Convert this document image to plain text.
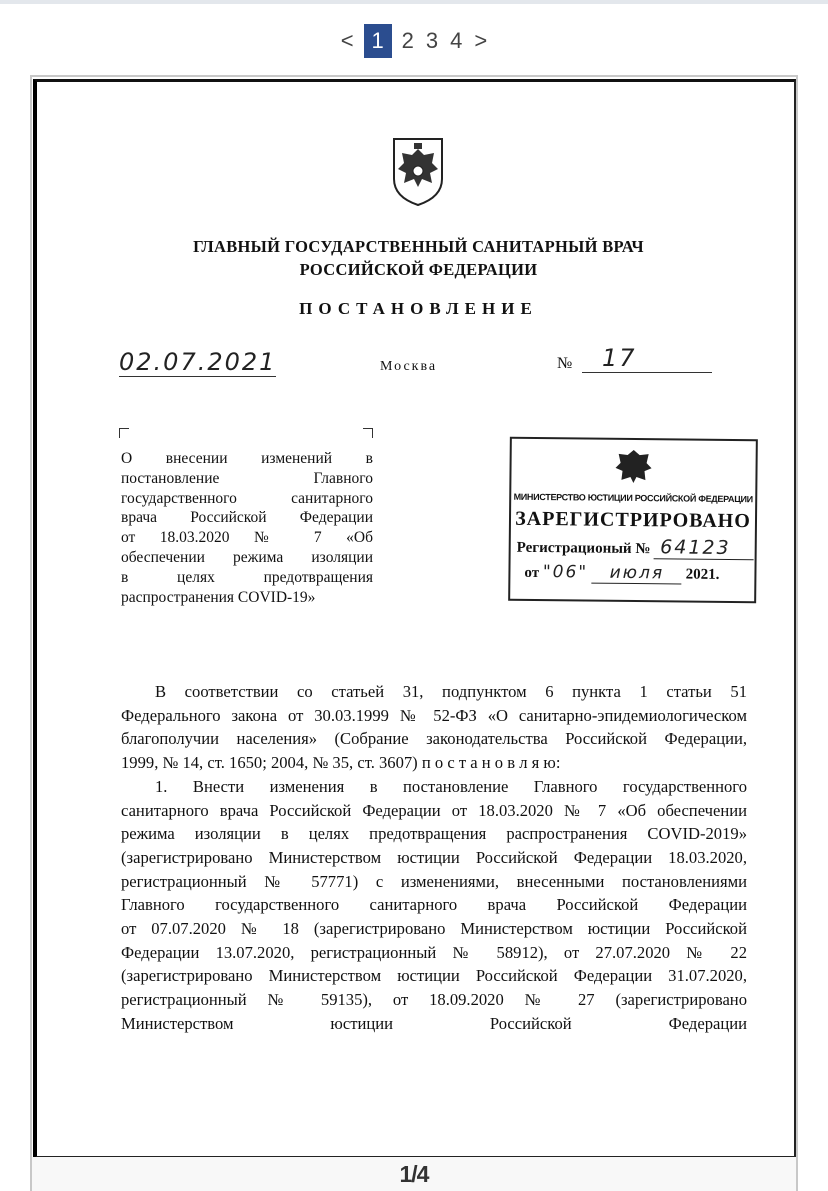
< 1 2 3 4 >
ГЛАВНЫЙ ГОСУДАРСТВЕННЫЙ САНИТАРНЫЙ ВРАЧ
РОССИЙСКОЙ ФЕДЕРАЦИИ
ПОСТАНОВЛЕНИЕ
02.07.2021	Москва	№	17
О внесении изменений в
постановление Главного
государственного санитарного
врача Российской Федерации
от 18.03.2020 № 7 «Об
обеспечении режима изоляции
в целях предотвращения
распространения COVID-19»
МИНИСТЕРСТВО ЮСТИЦИИ РОССИЙСКОЙ ФЕДЕРАЦИИ
ЗАРЕГИСТРИРОВАНО
Регистрационый № 64123
от "06" июля 2021.
В соответствии со статьей 31, подпунктом 6 пункта 1 статьи 51
Федерального закона от 30.03.1999 № 52-ФЗ «О санитарно-эпидемиологическом
благополучии населения» (Собрание законодательства Российской Федерации,
1999, № 14, ст. 1650; 2004, № 35, ст. 3607) п о с т а н о в л я ю:
1. Внести изменения в постановление Главного государственного
санитарного врача Российской Федерации от 18.03.2020 № 7 «Об обеспечении
режима изоляции в целях предотвращения распространения COVID-2019»
(зарегистрировано Министерством юстиции Российской Федерации 18.03.2020,
регистрационный № 57771) с изменениями, внесенными постановлениями
Главного государственного санитарного врача Российской Федерации
от 07.07.2020 № 18 (зарегистрировано Министерством юстиции Российской
Федерации 13.07.2020, регистрационный № 58912), от 27.07.2020 № 22
(зарегистрировано Министерством юстиции Российской Федерации 31.07.2020,
регистрационный № 59135), от 18.09.2020 № 27 (зарегистрировано
Министерством юстиции Российской Федерации
1/4
